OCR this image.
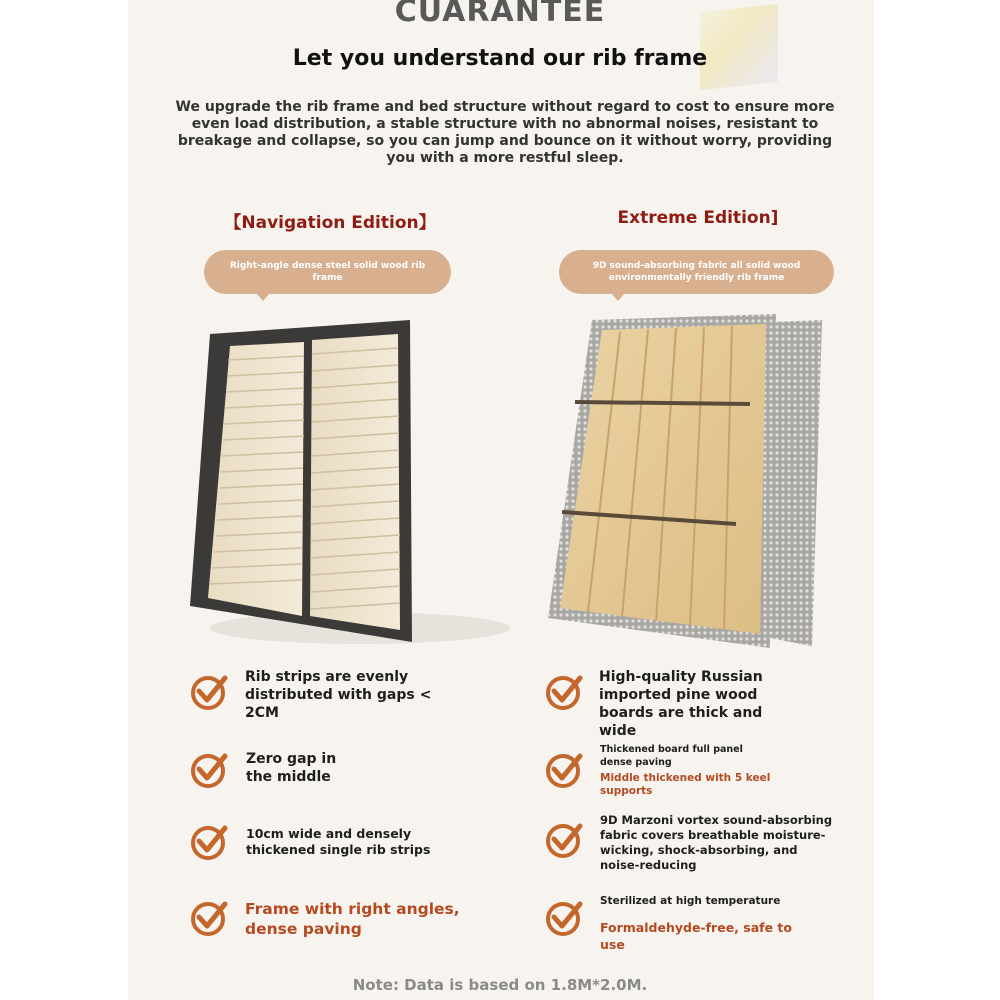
CUARANTEE
Let you understand our rib frame
We upgrade the rib frame and bed structure without regard to cost to ensure more even load distribution, a stable structure with no abnormal noises, resistant to breakage and collapse, so you can jump and bounce on it without worry, providing you with a more restful sleep.
【Navigation Edition】	Extreme Edition]
Right-angle dense steel solid wood rib frame
9D sound-absorbing fabric all solid wood environmentally friendly rib frame
Rib strips are evenly distributed with gaps < 2CM
Zero gap in the middle
10cm wide and densely thickened single rib strips
Frame with right angles, dense paving
High-quality Russian imported pine wood boards are thick and wide
Thickened board full panel dense paving
Middle thickened with 5 keel supports
9D Marzoni vortex sound-absorbing fabric covers breathable moisture-wicking, shock-absorbing, and noise-reducing
Sterilized at high temperature
Formaldehyde-free, safe to use
Note: Data is based on 1.8M*2.0M.
